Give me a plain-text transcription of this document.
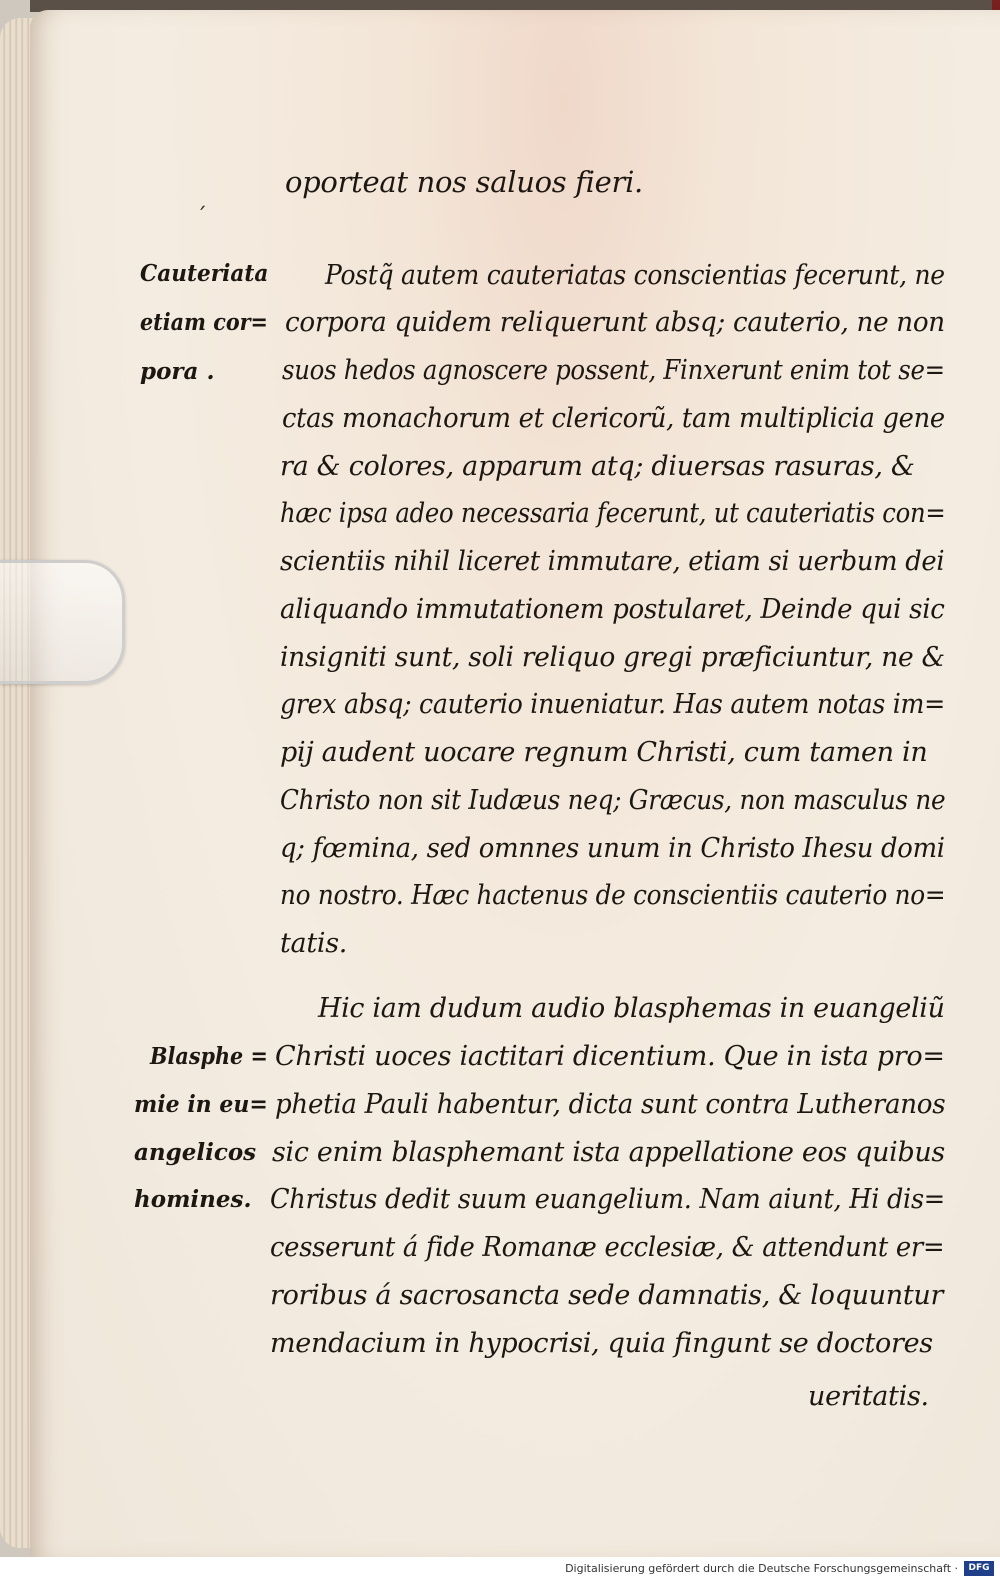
oporteat nos saluos fieri.
´
Cauteriata
etiam cor=
pora .
Postq̃ autem cauteriatas conscientias fecerunt, ne
corpora quidem reliquerunt absq; cauterio, ne non
suos hedos agnoscere possent, Finxerunt enim tot se=
ctas monachorum et clericorũ, tam multiplicia gene
ra & colores, apparum atq; diuersas rasuras, &
hæc ipsa adeo necessaria fecerunt, ut cauteriatis con=
scientiis nihil liceret immutare, etiam si uerbum dei
aliquando immutationem postularet, Deinde qui sic
insigniti sunt, soli reliquo gregi præficiuntur, ne &
grex absq; cauterio inueniatur. Has autem notas im=
pij audent uocare regnum Christi, cum tamen in
Christo non sit Iudæus neq; Græcus, non masculus ne
q; fœmina, sed omnnes unum in Christo Ihesu domi
no nostro. Hæc hactenus de conscientiis cauterio no=
tatis.
Blasphe =
mie in eu=
angelicos
homines.
Hic iam dudum audio blasphemas in euangeliũ
Christi uoces iactitari dicentium. Que in ista pro=
phetia Pauli habentur, dicta sunt contra Lutheranos
sic enim blasphemant ista appellatione eos quibus
Christus dedit suum euangelium. Nam aiunt, Hi dis=
cesserunt á fide Romanæ ecclesiæ, & attendunt er=
roribus á sacrosancta sede damnatis, & loquuntur
mendacium in hypocrisi, quia fingunt se doctores
ueritatis.
Digitalisierung gefördert durch die Deutsche Forschungsgemeinschaft ·	DFG
